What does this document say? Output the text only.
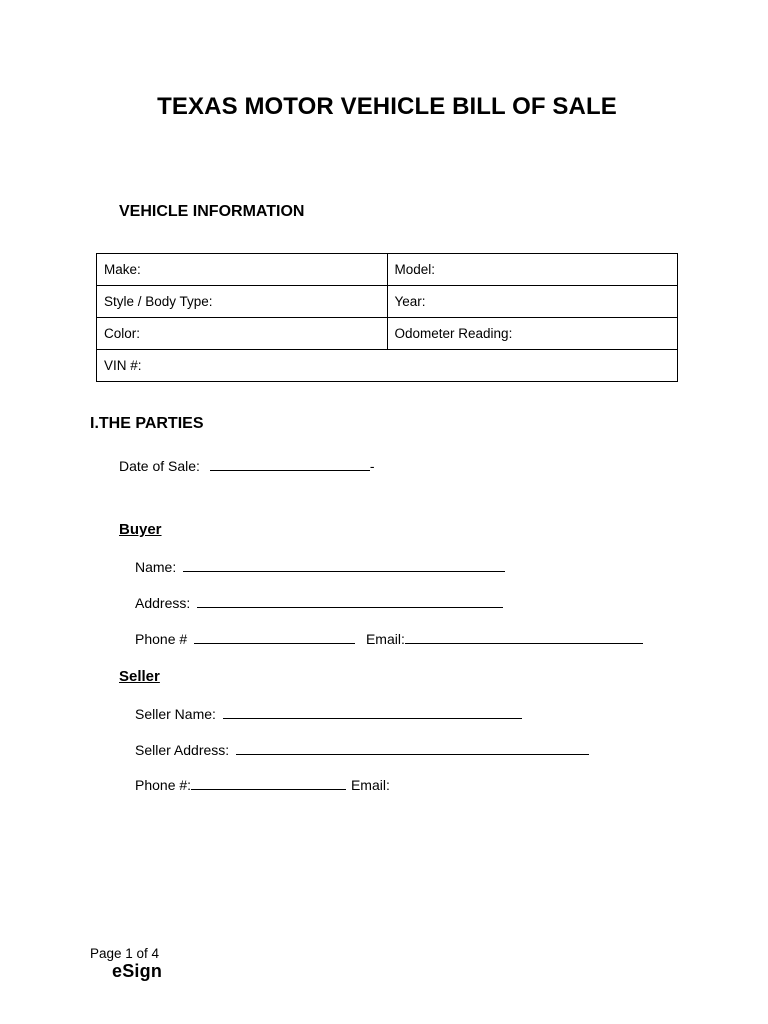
TEXAS MOTOR VEHICLE BILL OF SALE
VEHICLE INFORMATION
Make:	Model:
Style / Body Type:	Year:
Color:	Odometer Reading:
VIN #:	
I.THE PARTIES
Date of Sale:	-
Buyer
Name:
Address:
Phone #	Email:
Seller
Seller Name:
Seller Address:
Phone #:	Email:
Page 1 of 4
eSign
